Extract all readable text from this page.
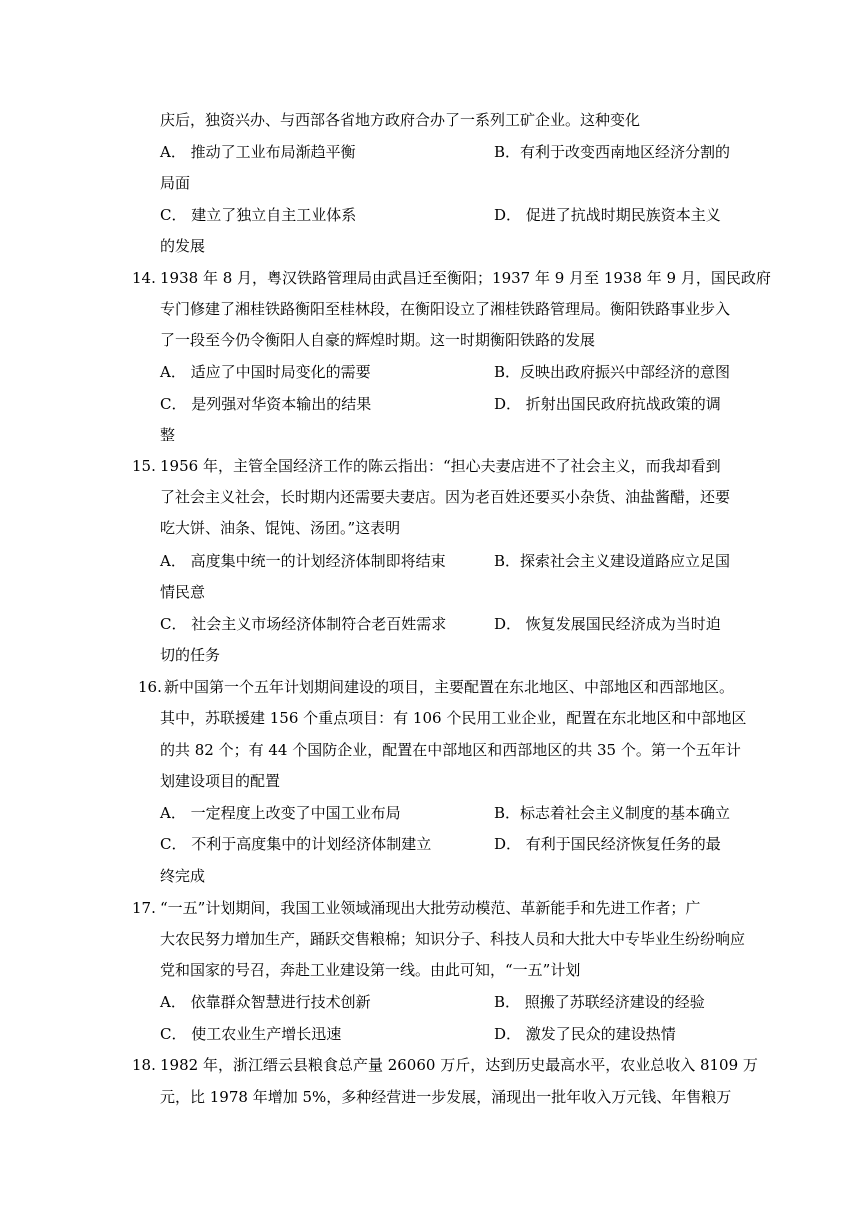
庆后，独资兴办、与西部各省地方政府合办了一系列工矿企业。这种变化
A． 推动了工业布局渐趋平衡	B．有利于改变西南地区经济分割的
局面
C． 建立了独立自主工业体系	D． 促进了抗战时期民族资本主义
的发展
14. 1938 年 8 月，粤汉铁路管理局由武昌迁至衡阳；1937 年 9 月至 1938 年 9 月，国民政府
专门修建了湘桂铁路衡阳至桂林段，在衡阳设立了湘桂铁路管理局。衡阳铁路事业步入
了一段至今仍令衡阳人自豪的辉煌时期。这一时期衡阳铁路的发展
A． 适应了中国时局变化的需要	B．反映出政府振兴中部经济的意图
C． 是列强对华资本输出的结果	D． 折射出国民政府抗战政策的调
整
15. 1956 年，主管全国经济工作的陈云指出：“担心夫妻店进不了社会主义，而我却看到
了社会主义社会，长时期内还需要夫妻店。因为老百姓还要买小杂货、油盐酱醋，还要
吃大饼、油条、馄饨、汤团。”这表明
A． 高度集中统一的计划经济体制即将结束	B．探索社会主义建设道路应立足国
情民意
C． 社会主义市场经济体制符合老百姓需求	D． 恢复发展国民经济成为当时迫
切的任务
16. 新中国第一个五年计划期间建设的项目，主要配置在东北地区、中部地区和西部地区。
其中，苏联援建 156 个重点项目：有 106 个民用工业企业，配置在东北地区和中部地区
的共 82 个；有 44 个国防企业，配置在中部地区和西部地区的共 35 个。第一个五年计
划建设项目的配置
A． 一定程度上改变了中国工业布局	B．标志着社会主义制度的基本确立
C． 不利于高度集中的计划经济体制建立	D． 有利于国民经济恢复任务的最
终完成
17. “一五”计划期间，我国工业领域涌现出大批劳动模范、革新能手和先进工作者；广
大农民努力增加生产，踊跃交售粮棉；知识分子、科技人员和大批大中专毕业生纷纷响应
党和国家的号召，奔赴工业建设第一线。由此可知，“一五”计划
A． 依靠群众智慧进行技术创新	B． 照搬了苏联经济建设的经验
C． 使工农业生产增长迅速	D． 激发了民众的建设热情
18. 1982 年，浙江缙云县粮食总产量 26060 万斤，达到历史最高水平，农业总收入 8109 万
元，比 1978 年增加 5%，多种经营进一步发展，涌现出一批年收入万元钱、年售粮万
